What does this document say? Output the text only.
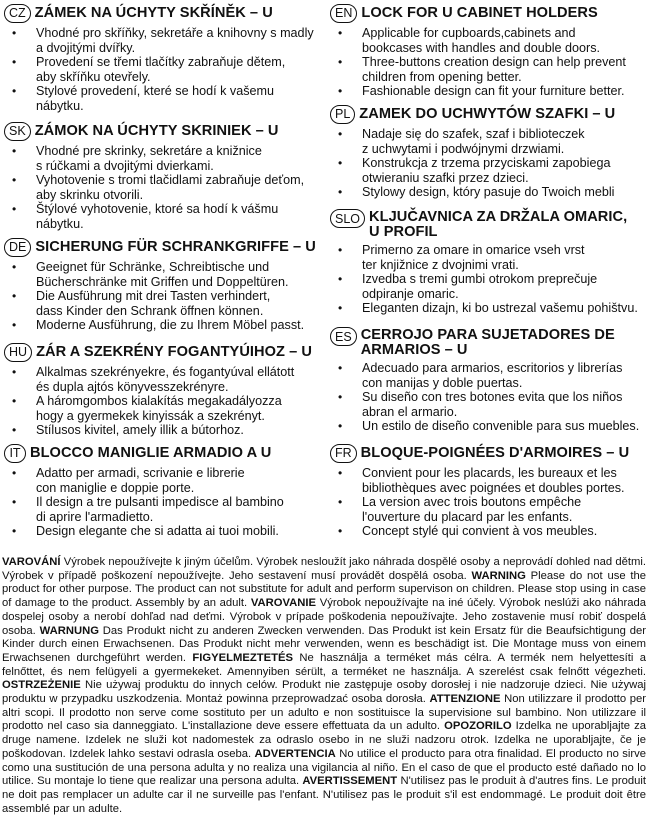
CZ ZÁMEK NA ÚCHYTY SKŘÍNĚK – U
• Vhodné pro skříňky, sekretáře a knihovny s madly
a dvojitými dvířky.
• Provedení se třemi tlačítky zabraňuje dětem,
aby skříňku otevřely.
• Stylové provedení, které se hodí k vašemu
nábytku.
SK ZÁMOK NA ÚCHYTY SKRINIEK – U
• Vhodné pre skrinky, sekretáre a knižnice
s rúčkami a dvojitými dvierkami.
• Vyhotovenie s tromi tlačidlami zabraňuje deťom,
aby skrinku otvorili.
• Štýlové vyhotovenie, ktoré sa hodí k vášmu
nábytku.
DE SICHERUNG FÜR SCHRANKGRIFFE – U
• Geeignet für Schränke, Schreibtische und
Bücherschränke mit Griffen und Doppeltüren.
• Die Ausführung mit drei Tasten verhindert,
dass Kinder den Schrank öffnen können.
• Moderne Ausführung, die zu Ihrem Möbel passt.
HU ZÁR A SZEKRÉNY FOGANTYÚIHOZ – U
• Alkalmas szekrényekre, és fogantyúval ellátott
és dupla ajtós könyvesszekrényre.
• A háromgombos kialakítás megakadályozza
hogy a gyermekek kinyissák a szekrényt.
• Stílusos kivitel, amely illik a bútorhoz.
IT BLOCCO MANIGLIE ARMADIO A U
• Adatto per armadi, scrivanie e librerie
con maniglie e doppie porte.
• Il design a tre pulsanti impedisce al bambino
di aprire l'armadietto.
• Design elegante che si adatta ai tuoi mobili.
EN LOCK FOR U CABINET HOLDERS
• Applicable for cupboards,cabinets and
bookcases with handles and double doors.
• Three-buttons creation design can help prevent
children from opening better.
• Fashionable design can fit your furniture better.
PL ZAMEK DO UCHWYTÓW SZAFKI – U
• Nadaje się do szafek, szaf i biblioteczek
z uchwytami i podwójnymi drzwiami.
• Konstrukcja z trzema przyciskami zapobiega
otwieraniu szafki przez dzieci.
• Stylowy design, który pasuje do Twoich mebli
SLO KLJUČAVNICA ZA DRŽALA OMARIC,
U PROFIL
• Primerno za omare in omarice vseh vrst
ter knjižnice z dvojnimi vrati.
• Izvedba s tremi gumbi otrokom preprečuje
odpiranje omaric.
• Eleganten dizajn, ki bo ustrezal vašemu pohištvu.
ES CERROJO PARA SUJETADORES DE
ARMARIOS – U
• Adecuado para armarios, escritorios y librerías
con manijas y doble puertas.
• Su diseño con tres botones evita que los niños
abran el armario.
• Un estilo de diseño convenible para sus muebles.
FR BLOQUE-POIGNÉES D'ARMOIRES – U
• Convient pour les placards, les bureaux et les
bibliothèques avec poignées et doubles portes.
• La version avec trois boutons empêche
l'ouverture du placard par les enfants.
• Concept stylé qui convient à vos meubles.
VAROVÁNÍ Výrobek nepoužívejte k jiným účelům. Výrobek nesloužít jako náhrada dospělé osoby a neprovádí dohled nad dětmi. Výrobek v případě poškození nepoužívejte. Jeho sestavení musí provádět dospělá osoba. WARNING Please do not use the product for other purpose. The product can not substitute for adult and perform supervison on children. Please stop using in case of damage to the product. Assembly by an adult. VAROVANIE Výrobok nepoužívajte na iné účely. Výrobok neslúži ako náhrada dospelej osoby a nerobí dohľad nad deťmi. Výrobok v prípade poškodenia nepoužívajte. Jeho zostavenie musí robiť dospelá osoba. WARNUNG Das Produkt nicht zu anderen Zwecken verwenden. Das Produkt ist kein Ersatz für die Beaufsichtigung der Kinder durch einen Erwachsenen. Das Produkt nicht mehr verwenden, wenn es beschädigt ist. Die Montage muss von einem Erwachsenen durchgeführt werden. FIGYELMEZTETÉS Ne használja a terméket más célra. A termék nem helyettesíti a felnőttet, és nem felügyeli a gyermekeket. Amennyiben sérült, a terméket ne használja. A szerelést csak felnőtt végezheti. OSTRZEŻENIE Nie używaj produktu do innych celów. Produkt nie zastępuje osoby dorosłej i nie nadzoruje dzieci. Nie używaj produktu w przypadku uszkodzenia. Montaż powinna przeprowadzać osoba dorosła. ATTENZIONE Non utilizzare il prodotto per altri scopi. Il prodotto non serve come sostituto per un adulto e non sostituisce la supervisione sul bambino. Non utilizzare il prodotto nel caso sia danneggiato. L'installazione deve essere effettuata da un adulto. OPOZORILO Izdelka ne uporabljajte za druge namene. Izdelek ne služi kot nadomestek za odraslo osebo in ne služi nadzoru otrok. Izdelka ne uporabljajte, če je poškodovan. Izdelek lahko sestavi odrasla oseba. ADVERTENCIA No utilice el producto para otra finalidad. El producto no sirve como una sustitución de una persona adulta y no realiza una vigilancia al niño. En el caso de que el producto esté dañado no lo utilice. Su montaje lo tiene que realizar una persona adulta. AVERTISSEMENT N'utilisez pas le produit à d'autres fins. Le produit ne doit pas remplacer un adulte car il ne surveille pas l'enfant. N'utilisez pas le produit s'il est endommagé. Le produit doit être assemblé par un adulte.
